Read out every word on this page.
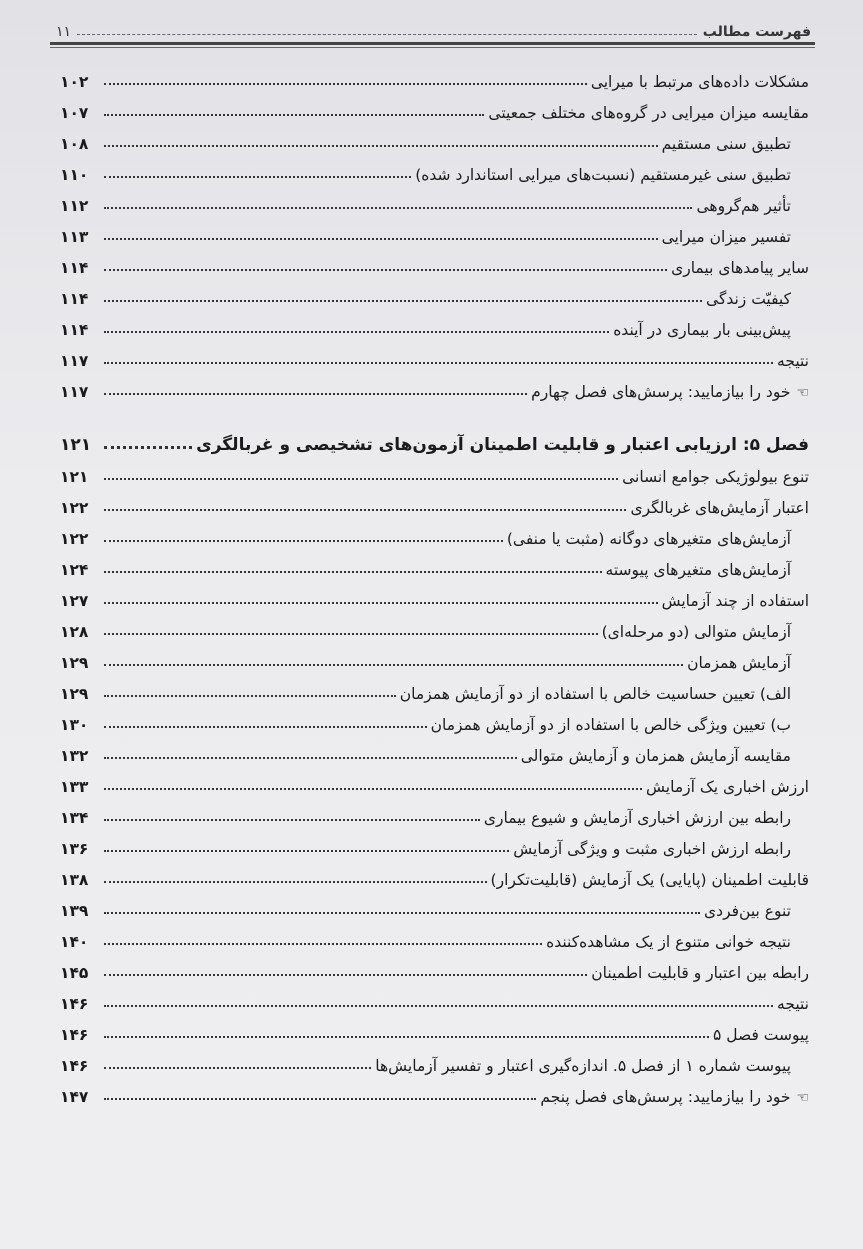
فهرست مطالب
۱۱
مشکلات داده‌های مرتبط با میرایی
۱۰۲
مقایسه میزان میرایی در گروه‌های مختلف جمعیتی
۱۰۷
تطبیق سنی مستقیم
۱۰۸
تطبیق سنی غیرمستقیم (نسبت‌های میرایی استاندارد شده)
۱۱۰
تأثیر هم‌گروهی
۱۱۲
تفسیر میزان میرایی
۱۱۳
سایر پیامدهای بیماری
۱۱۴
کیفیّت زندگی
۱۱۴
پیش‌بینی بار بیماری در آینده
۱۱۴
نتیجه
۱۱۷
☜
خود را بیازمایید: پرسش‌های فصل چهارم
۱۱۷
فصل ۵: ارزیابی اعتبار و قابلیت اطمینان آزمون‌های تشخیصی و غربالگری
۱۲۱
تنوع بیولوژیکی جوامع انسانی
۱۲۱
اعتبار آزمایش‌های غربالگری
۱۲۲
آزمایش‌های متغیرهای دوگانه (مثبت یا منفی)
۱۲۲
آزمایش‌های متغیرهای پیوسته
۱۲۴
استفاده از چند آزمایش
۱۲۷
آزمایش متوالی (دو مرحله‌ای)
۱۲۸
آزمایش همزمان
۱۲۹
الف) تعیین حساسیت خالص با استفاده از دو آزمایش همزمان
۱۲۹
ب) تعیین ویژگی خالص با استفاده از دو آزمایش همزمان
۱۳۰
مقایسه آزمایش همزمان و آزمایش متوالی
۱۳۲
ارزش اخباری یک آزمایش
۱۳۳
رابطه بین ارزش اخباری آزمایش و شیوع بیماری
۱۳۴
رابطه ارزش اخباری مثبت و ویژگی آزمایش
۱۳۶
قابلیت اطمینان (پایایی) یک آزمایش (قابلیت‌تکرار)
۱۳۸
تنوع بین‌فردی
۱۳۹
نتیجه خوانی متنوع از یک مشاهده‌کننده
۱۴۰
رابطه بین اعتبار و قابلیت اطمینان
۱۴۵
نتیجه
۱۴۶
پیوست فصل ۵
۱۴۶
پیوست شماره ۱ از فصل ۵. اندازه‌گیری اعتبار و تفسیر آزمایش‌ها
۱۴۶
☜
خود را بیازمایید: پرسش‌های فصل پنجم
۱۴۷
